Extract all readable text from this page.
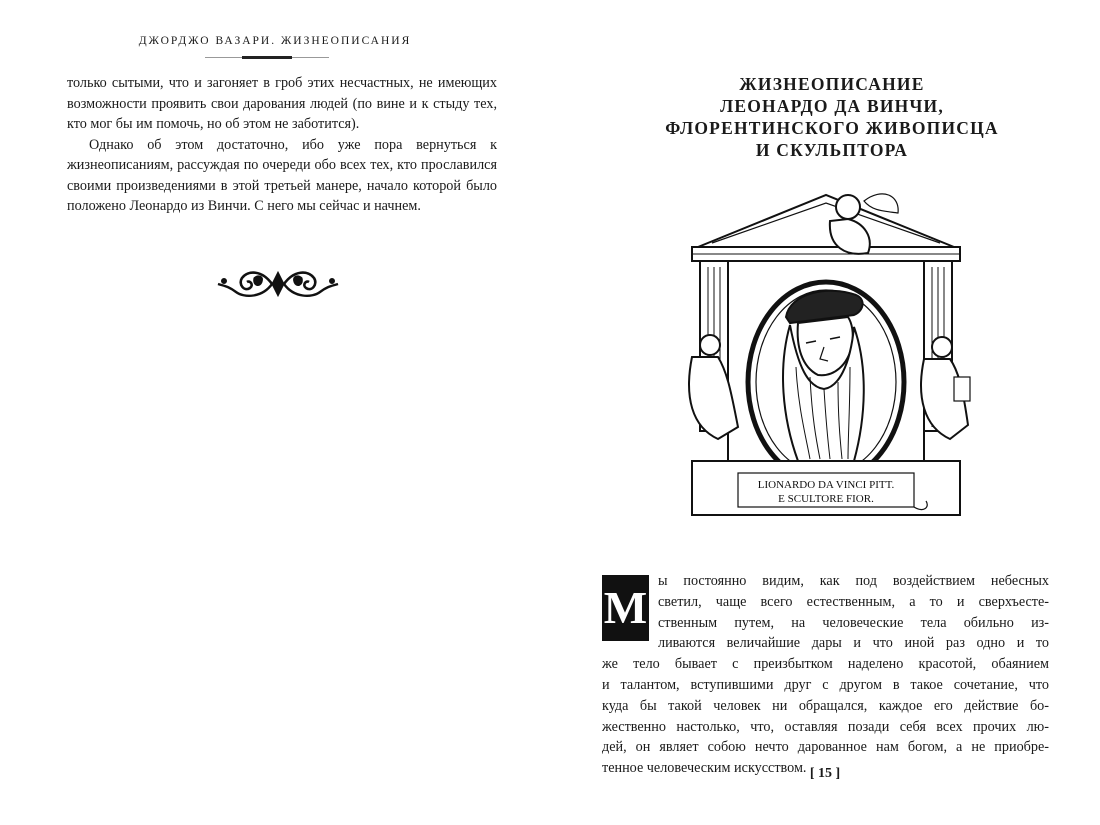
ДЖОРДЖО ВАЗАРИ. ЖИЗНЕОПИСАНИЯ

только сытыми, что и загоняет в гроб этих несчастных, не имеющих возможности проявить свои дарования людей (по вине и к стыду тех, кто мог бы им помочь, но об этом не заботится).

Однако об этом достаточно, ибо уже пора вернуться к жизнеописаниям, рассуждая по очереди обо всех тех, кто прославился своими произведениями в этой третьей манере, начало которой было положено Леонардо из Винчи. С него мы сейчас и начнем.

ЖИЗНЕОПИСАНИЕ
ЛЕОНАРДО ДА ВИНЧИ,
ФЛОРЕНТИНСКОГО ЖИВОПИСЦА
И СКУЛЬПТОРА
LIONARDO DA VINCI PITT.
E SCULTORE FIOR.
М
ы постоянно видим, как под воздействием небесных
светил, чаще всего естественным, а то и сверхъесте-
ственным путем, на человеческие тела обильно из-
ливаются величайшие дары и что иной раз одно и то
же тело бывает с преизбытком наделено красотой, обаянием
и талантом, вступившими друг с другом в такое сочетание, что
куда бы такой человек ни обращался, каждое его действие бо-
жественно настолько, что, оставляя позади себя всех прочих лю-
дей, он являет собою нечто дарованное нам богом, а не приобре-
тенное человеческим искусством. [ 15 ]
